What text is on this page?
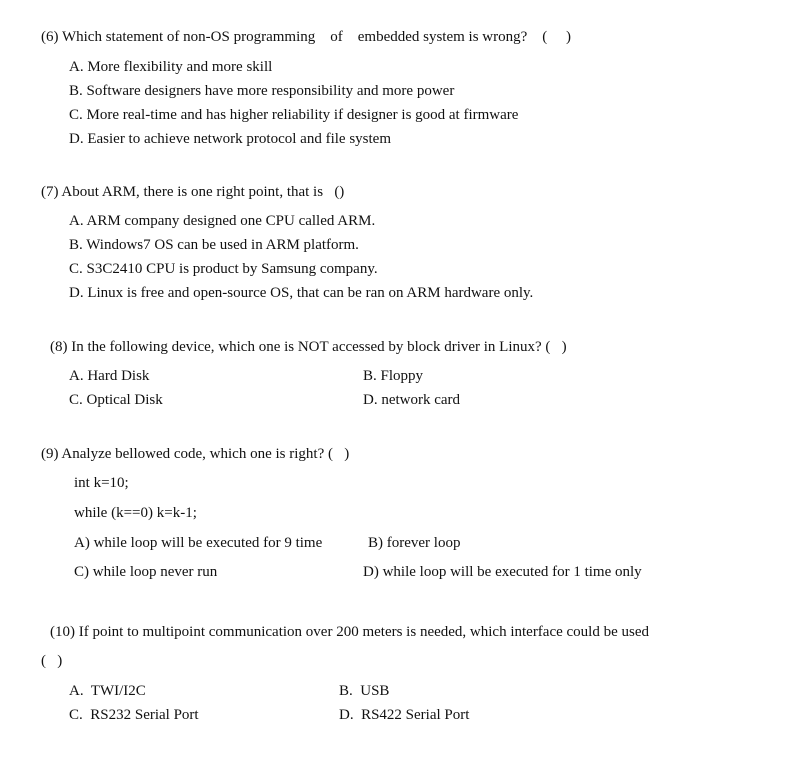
(6) Which statement of non-OS programming    of    embedded system is wrong?    (     )
A. More flexibility and more skill
B. Software designers have more responsibility and more power
C. More real-time and has higher reliability if designer is good at firmware
D. Easier to achieve network protocol and file system
(7) About ARM, there is one right point, that is   ()
A. ARM company designed one CPU called ARM.
B. Windows7 OS can be used in ARM platform.
C. S3C2410 CPU is product by Samsung company.
D. Linux is free and open-source OS, that can be ran on ARM hardware only.
(8) In the following device, which one is NOT accessed by block driver in Linux? (   )
A. Hard Disk	B. Floppy
C. Optical Disk	D. network card
(9) Analyze bellowed code, which one is right? (   )
int k=10;
while (k==0) k=k-1;
A) while loop will be executed for 9 time	B) forever loop
C) while loop never run	D) while loop will be executed for 1 time only
(10) If point to multipoint communication over 200 meters is needed, which interface could be used
(   )
A.  TWI/I2C	B.  USB
C.  RS232 Serial Port	D.  RS422 Serial Port
